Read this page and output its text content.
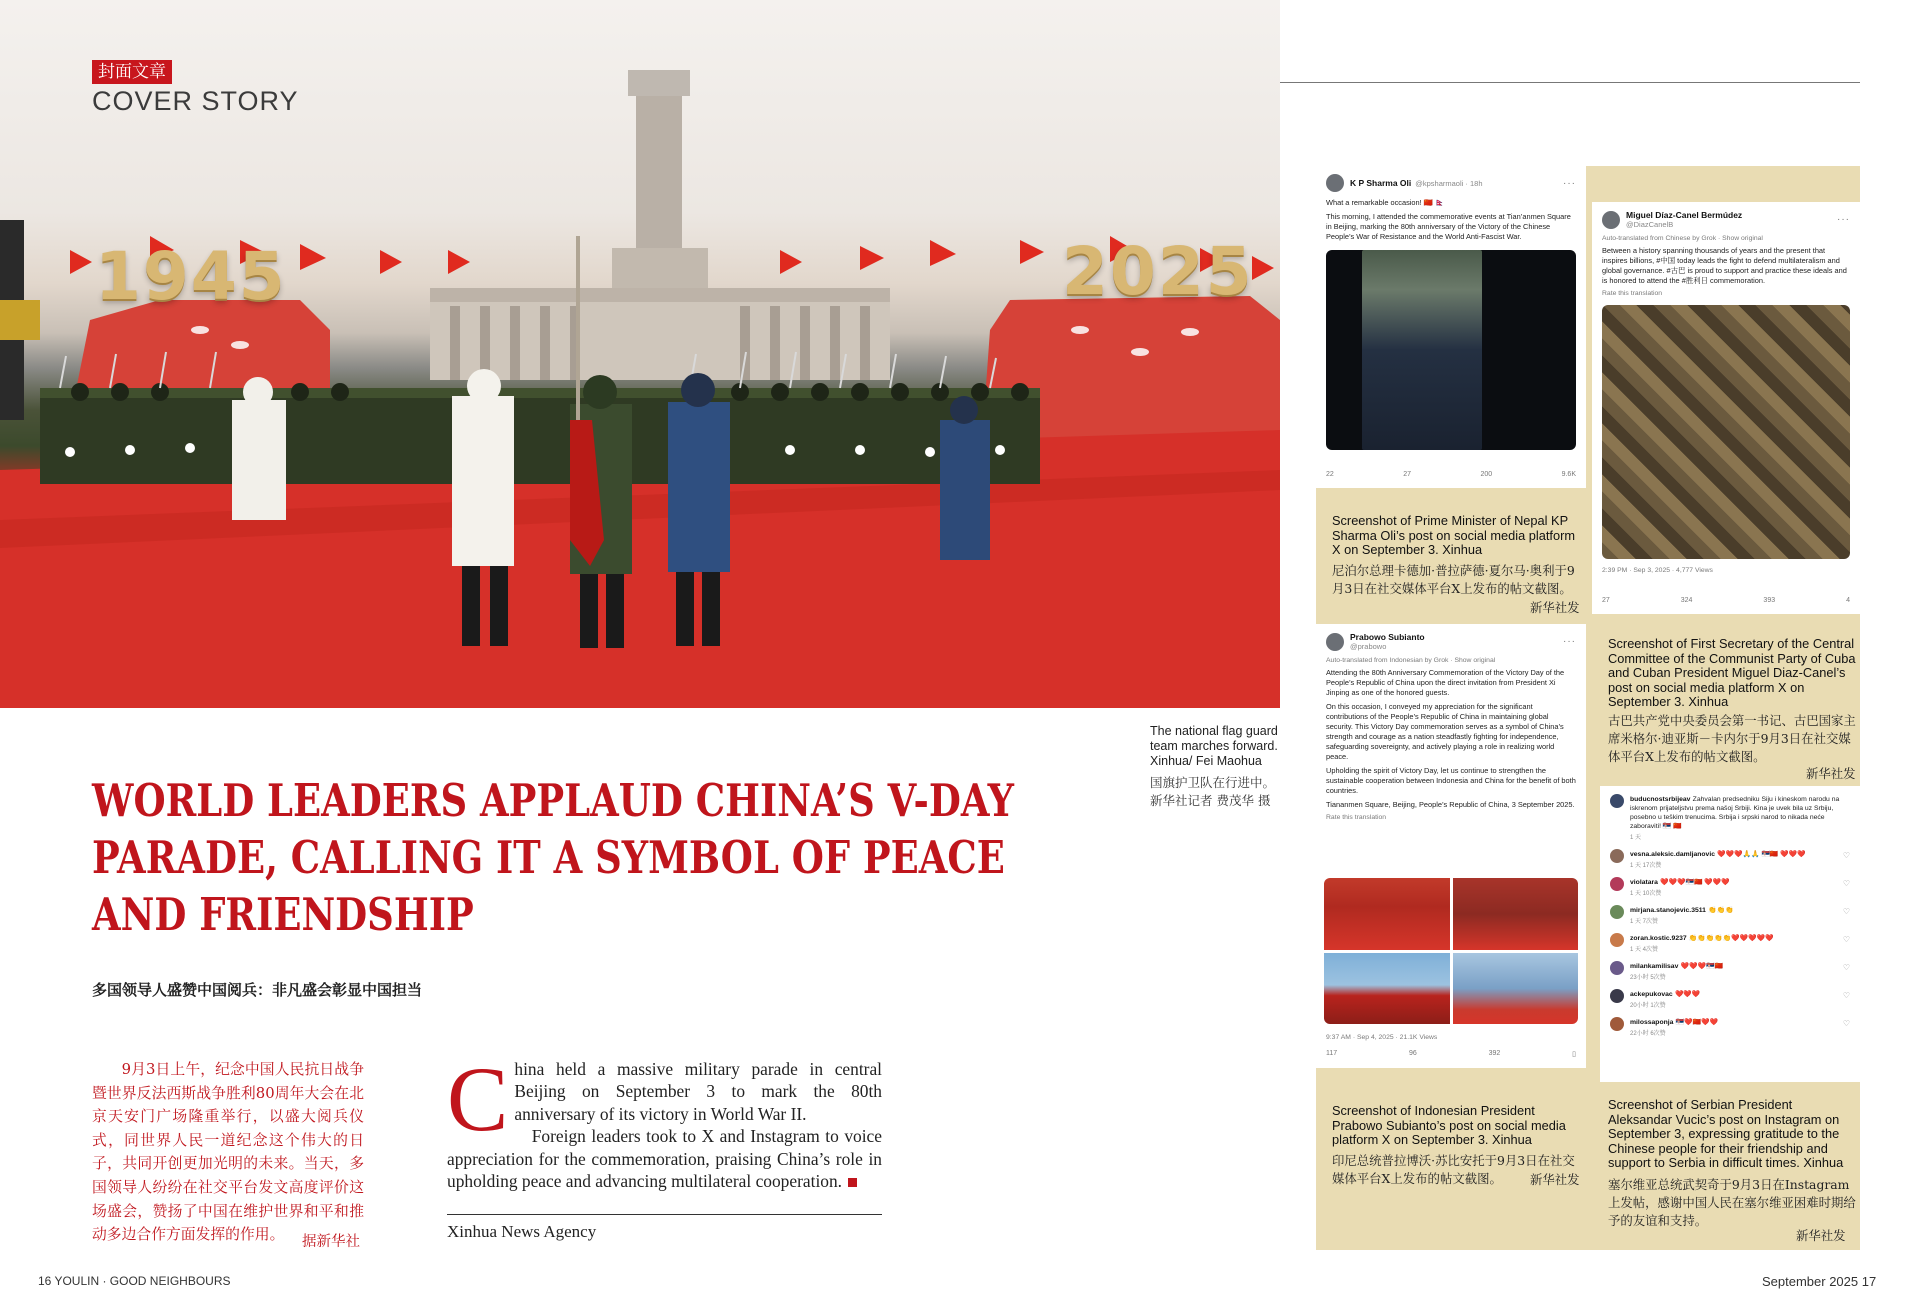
封面文章
COVER STORY
1945	2025
The national flag guard team marches forward. Xinhua/ Fei Maohua
国旗护卫队在行进中。 新华社记者 费茂华 摄
WORLD LEADERS APPLAUD CHINA’S V-DAY
PARADE, CALLING IT A SYMBOL OF PEACE
AND FRIENDSHIP
多国领导人盛赞中国阅兵：非凡盛会彰显中国担当
9月3日上午，纪念中国人民抗日战争暨世界反法西斯战争胜利80周年大会在北京天安门广场隆重举行，以盛大阅兵仪式，同世界人民一道纪念这个伟大的日子，共同开创更加光明的未来。当天，多国领导人纷纷在社交平台发文高度评价这场盛会，赞扬了中国在维护世界和平和推动多边合作方面发挥的作用。	据新华社
C hina held a massive military parade in central Beijing on September 3 to mark the 80th anniversary of its victory in World War II.
Foreign leaders took to X and Instagram to voice appreciation for the commemoration, praising China’s role in upholding peace and advancing multilateral cooperation.
Xinhua News Agency
16 YOULIN · GOOD NEIGHBOURS	September 2025 17
K P Sharma Oli @kpsharmaoli · 18h	···
What a remarkable occasion! 🇨🇳 🇳🇵
This morning, I attended the commemorative events at Tian’anmen Square in Beijing, marking the 80th anniversary of the Victory of the Chinese People’s War of Resistance and the World Anti-Fascist War.
22	27	200	9.6K
Screenshot of Prime Minister of Nepal KP Sharma Oli’s post on social media platform X on September 3. Xinhua
尼泊尔总理卡德加·普拉萨德·夏尔马·奥利于9月3日在社交媒体平台X上发布的帖文截图。
新华社发
Miguel Díaz-Canel Bermúdez
@DiazCanelB	···
Auto-translated from Chinese by Grok · Show original
Between a history spanning thousands of years and the present that inspires billions, #中国 today leads the fight to defend multilateralism and global governance. #古巴 is proud to support and practice these ideals and is honored to attend the #胜利日 commemoration.
Rate this translation
2:39 PM · Sep 3, 2025 · 4,777 Views
27	324	393	4
Screenshot of First Secretary of the Central Committee of the Communist Party of Cuba and Cuban President Miguel Diaz-Canel’s post on social media platform X on September 3. Xinhua
古巴共产党中央委员会第一书记、古巴国家主席米格尔·迪亚斯－卡内尔于9月3日在社交媒体平台X上发布的帖文截图。
新华社发
Prabowo Subianto
@prabowo	···
Auto-translated from Indonesian by Grok · Show original
Attending the 80th Anniversary Commemoration of the Victory Day of the People’s Republic of China upon the direct invitation from President Xi Jinping as one of the honored guests.
On this occasion, I conveyed my appreciation for the significant contributions of the People’s Republic of China in maintaining global security. This Victory Day commemoration serves as a symbol of China’s strength and courage as a nation steadfastly fighting for independence, safeguarding sovereignty, and actively playing a role in realizing world peace.
Upholding the spirit of Victory Day, let us continue to strengthen the sustainable cooperation between Indonesia and China for the benefit of both countries.
Tiananmen Square, Beijing, People’s Republic of China, 3 September 2025.
Rate this translation
9:37 AM · Sep 4, 2025 · 21.1K Views
117	96	392	▯
Screenshot of Indonesian President Prabowo Subianto’s post on social media platform X on September 3. Xinhua
印尼总统普拉博沃·苏比安托于9月3日在社交媒体平台X上发布的帖文截图。	新华社发
buducnostsrbijeav Zahvalan predsedniku Siju i kineskom narodu na iskrenom prijateljstvu prema našoj Srbiji. Kina je uvek bila uz Srbiju, posebno u teškim trenucima. Srbija i srpski narod to nikada neće zaboraviti! 🇷🇸 🇨🇳
1 天
vesna.aleksic.damljanovic ❤️❤️❤️🙏🙏 🇷🇸🇨🇳 ❤️❤️❤️
1 天 17次赞
♡
violatara ❤️❤️❤️🇷🇸🇨🇳 ❤️❤️❤️
1 天 10次赞
♡
mirjana.stanojevic.3511 👏👏👏
1 天 7次赞
♡
zoran.kostic.9237 👏👏👏👏👏❤️❤️❤️❤️❤️
1 天 4次赞
♡
milankamilisav ❤️❤️❤️🇷🇸🇨🇳
23小时 5次赞
♡
ackepukovac ❤️❤️❤️
20小时 1次赞
♡
milossaponja 🇷🇸❤️🇨🇳❤️❤️
22小时 6次赞
♡
Screenshot of Serbian President Aleksandar Vucic’s post on Instagram on September 3, expressing gratitude to the Chinese people for their friendship and support to Serbia in difficult times. Xinhua
塞尔维亚总统武契奇于9月3日在Instagram上发帖，感谢中国人民在塞尔维亚困难时期给予的友谊和支持。
新华社发
